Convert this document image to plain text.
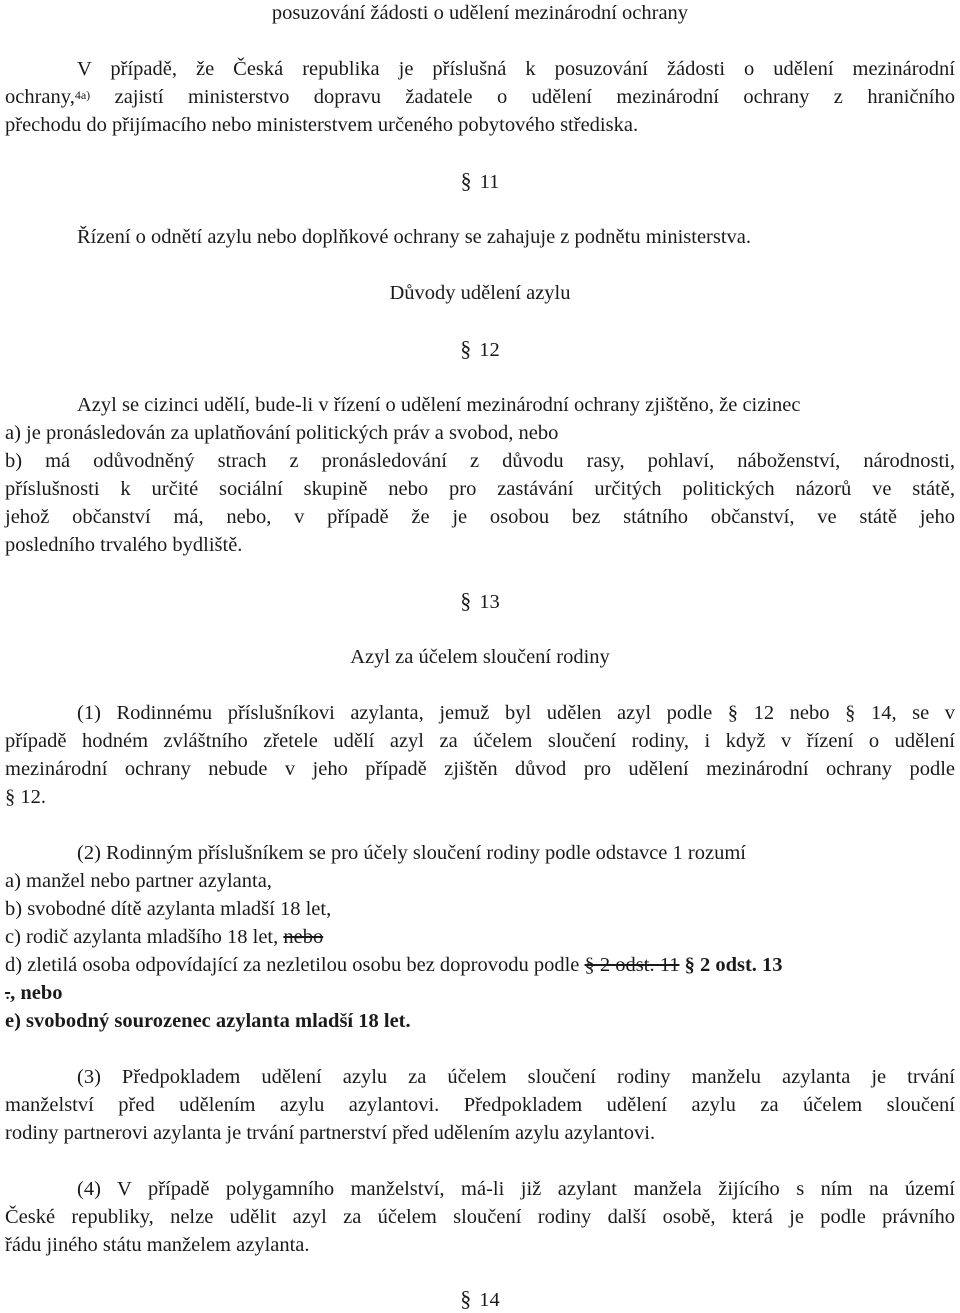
posuzování žádosti o udělení mezinárodní ochrany
V případě, že Česká republika je příslušná k posuzování žádosti o udělení mezinárodní
ochrany,$^{4a)}$ zajistí ministerstvo dopravu žadatele o udělení mezinárodní ochrany z hraničního
přechodu do přijímacího nebo ministerstvem určeného pobytového střediska.
§ 11
Řízení o odnětí azylu nebo doplňkové ochrany se zahajuje z podnětu ministerstva.
Důvody udělení azylu
§ 12
Azyl se cizinci udělí, bude-li v řízení o udělení mezinárodní ochrany zjištěno, že cizinec
a) je pronásledován za uplatňování politických práv a svobod, nebo
b) má odůvodněný strach z pronásledování z důvodu rasy, pohlaví, náboženství, národnosti,
příslušnosti k určité sociální skupině nebo pro zastávání určitých politických názorů ve státě,
jehož občanství má, nebo, v případě že je osobou bez státního občanství, ve státě jeho
posledního trvalého bydliště.
§ 13
Azyl za účelem sloučení rodiny
(1) Rodinnému příslušníkovi azylanta, jemuž byl udělen azyl podle § 12 nebo § 14, se v
případě hodném zvláštního zřetele udělí azyl za účelem sloučení rodiny, i když v řízení o udělení
mezinárodní ochrany nebude v jeho případě zjištěn důvod pro udělení mezinárodní ochrany podle
§ 12.
(2) Rodinným příslušníkem se pro účely sloučení rodiny podle odstavce 1 rozumí
a) manžel nebo partner azylanta,
b) svobodné dítě azylanta mladší 18 let,
c) rodič azylanta mladšího 18 let, nebo
d) zletilá osoba odpovídající za nezletilou osobu bez doprovodu podle § 2 odst. 11 § 2 odst. 13
., nebo
e) svobodný sourozenec azylanta mladší 18 let.
(3) Předpokladem udělení azylu za účelem sloučení rodiny manželu azylanta je trvání
manželství před udělením azylu azylantovi. Předpokladem udělení azylu za účelem sloučení
rodiny partnerovi azylanta je trvání partnerství před udělením azylu azylantovi.
(4) V případě polygamního manželství, má-li již azylant manžela žijícího s ním na území
České republiky, nelze udělit azyl za účelem sloučení rodiny další osobě, která je podle právního
řádu jiného státu manželem azylanta.
§ 14
